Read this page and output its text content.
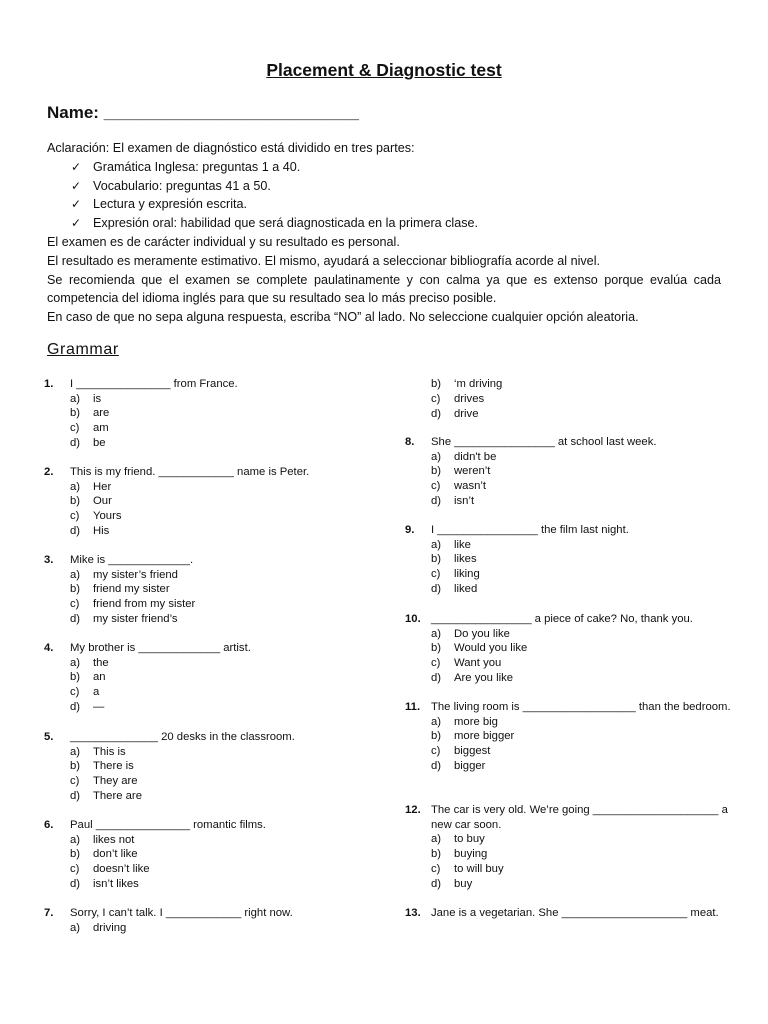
Placement & Diagnostic test
Name: ___________________________
Aclaración: El examen de diagnóstico está dividido en tres partes:
✓ Gramática Inglesa: preguntas 1 a 40.
✓ Vocabulario: preguntas 41 a 50.
✓ Lectura y expresión escrita.
✓ Expresión oral: habilidad que será diagnosticada en la primera clase.
El examen es de carácter individual y su resultado es personal.
El resultado es meramente estimativo. El mismo, ayudará a seleccionar bibliografía acorde al nivel.
Se recomienda que el examen se complete paulatinamente y con calma ya que es extenso porque evalúa cada competencia del idioma inglés para que su resultado sea lo más preciso posible.
En caso de que no sepa alguna respuesta, escriba “NO” al lado. No seleccione cualquier opción aleatoria.
Grammar
1. I _______________ from France.
a) is
b) are
c) am
d) be
2. This is my friend. ____________ name is Peter.
a) Her
b) Our
c) Yours
d) His
3. Mike is _____________.
a) my sister’s friend
b) friend my sister
c) friend from my sister
d) my sister friend’s
4. My brother is _____________ artist.
a) the
b) an
c) a
d) —
5. ______________ 20 desks in the classroom.
a) This is
b) There is
c) They are
d) There are
6. Paul _______________ romantic films.
a) likes not
b) don’t like
c) doesn’t like
d) isn’t likes
7. Sorry, I can’t talk. I ____________ right now.
a) driving
b) ‘m driving
c) drives
d) drive
8. She ________________ at school last week.
a) didn't be
b) weren’t
c) wasn’t
d) isn’t
9. I ________________ the film last night.
a) like
b) likes
c) liking
d) liked
10. ________________ a piece of cake? No, thank you.
a) Do you like
b) Would you like
c) Want you
d) Are you like
11. The living room is __________________ than the bedroom.
a) more big
b) more bigger
c) biggest
d) bigger
12. The car is very old. We’re going ____________________ a new car soon.
a) to buy
b) buying
c) to will buy
d) buy
13. Jane is a vegetarian. She ____________________ meat.
